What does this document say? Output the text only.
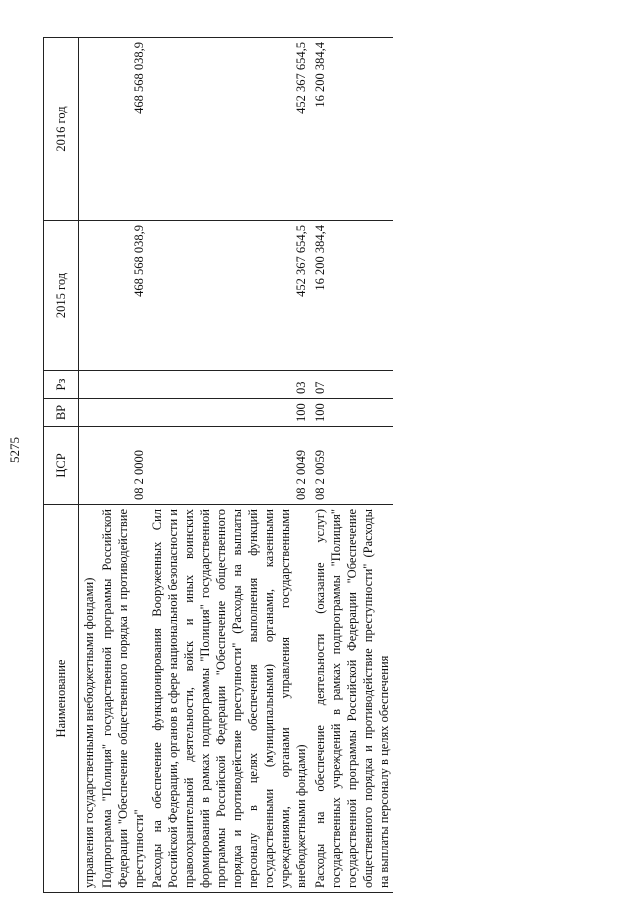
5275
Наименование	ЦСР	ВР	Рз	2015 год	2016 год
управления государственными внебюджетными фондами)					
Подпрограмма "Полиция" государственной программы Российской Федерации "Обеспечение общественного порядка и противодействие преступности"	08 2 0000			468 568 038,9	468 568 038,9
Расходы на обеспечение функционирования Вооруженных Сил Российской Федерации, органов в сфере национальной безопасности и правоохранительной деятельности, войск и иных воинских формирований в рамках подпрограммы "Полиция" государственной программы Российской Федерации "Обеспечение общественного порядка и противодействие преступности" (Расходы на выплаты персоналу в целях обеспечения выполнения функций государственными (муниципальными) органами, казенными учреждениями, органами управления государственными внебюджетными фондами)	08 2 0049	100	03	452 367 654,5	452 367 654,5
Расходы на обеспечение деятельности (оказание услуг) государственных учреждений в рамках подпрограммы "Полиция" государственной программы Российской Федерации "Обеспечение общественного порядка и противодействие преступности" (Расходы на выплаты персоналу в целях обеспечения	08 2 0059	100	07	16 200 384,4	16 200 384,4
